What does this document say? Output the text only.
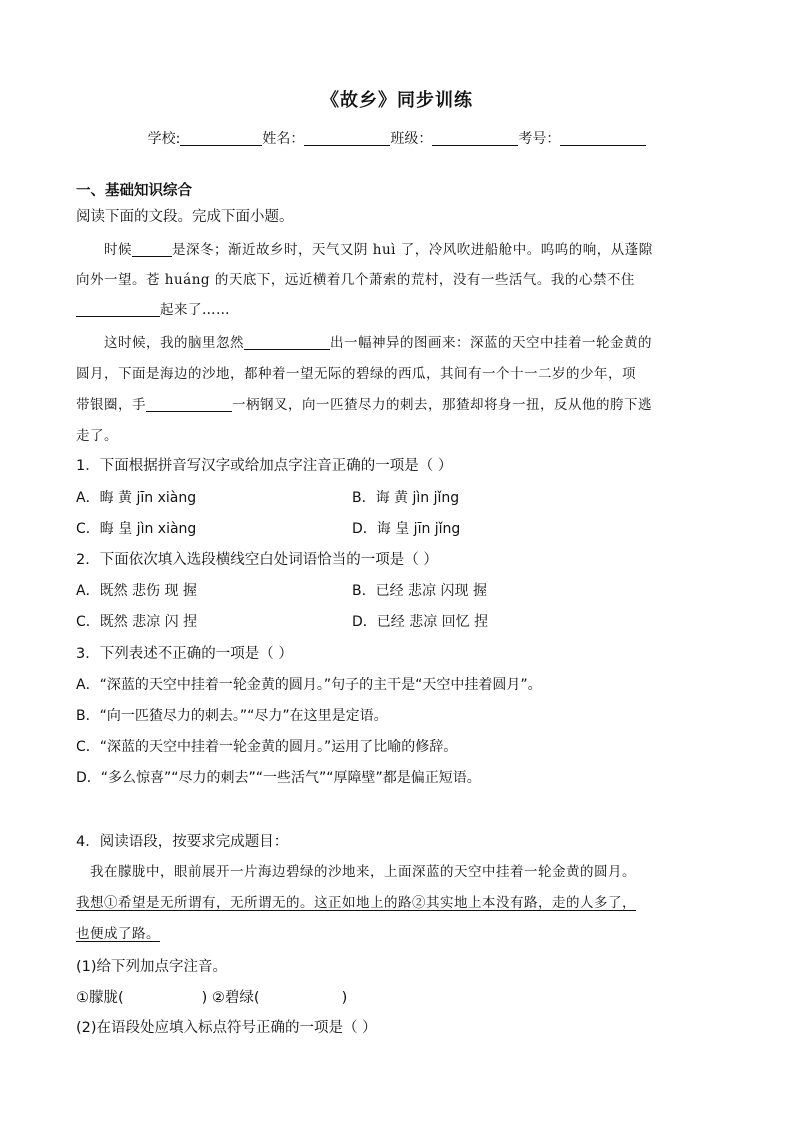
《故乡》同步训练
学校:	姓名：	班级：	考号：
一、基础知识综合
阅读下面的文段。完成下面小题。
时候	是深冬；渐近故乡时，天气又阴 huì 了，冷风吹进船舱中。呜呜的响，从蓬隙
向外一望。苍 huáng 的天底下，远近横着几个萧索的荒村，没有一些活气。我的心禁不住
起来了……
这时候，我的脑里忽然	出一幅神异的图画来：深蓝的天空中挂着一轮金黄的
圆月，下面是海边的沙地，都种着一望无际的碧绿的西瓜，其间有一个十一二岁的少年，项
带银圈，手	一柄钢叉，向一匹猹尽力的刺去，那猹却将身一扭，反从他的胯下逃
走了。
1．下面根据拼音写汉字或给加点字注音正确的一项是（ ）
A．晦 黄 jīn xiàng	B．诲 黄 jìn jǐng
C．晦 皇 jìn xiàng	D．诲 皇 jīn jǐng
2．下面依次填入选段横线空白处词语恰当的一项是（ ）
A．既然 悲伤 现 握	B．已经 悲凉 闪现 握
C．既然 悲凉 闪 捏	D．已经 悲凉 回忆 捏
3．下列表述不正确的一项是（ ）
A．“深蓝的天空中挂着一轮金黄的圆月。”句子的主干是“天空中挂着圆月”。
B．“向一匹猹尽力的刺去。”“尽力”在这里是定语。
C．“深蓝的天空中挂着一轮金黄的圆月。”运用了比喻的修辞。
D．“多么惊喜”“尽力的刺去”“一些活气”“厚障壁”都是偏正短语。
4．阅读语段，按要求完成题目：
我在朦胧中，眼前展开一片海边碧绿的沙地来，上面深蓝的天空中挂着一轮金黄的圆月。
我想①希望是无所谓有，无所谓无的。这正如地上的路②其实地上本没有路，走的人多了，
也便成了路。
(1)给下列加点字注音。
①朦胧(	) ②碧绿(	)
(2)在语段处应填入标点符号正确的一项是（ ）
